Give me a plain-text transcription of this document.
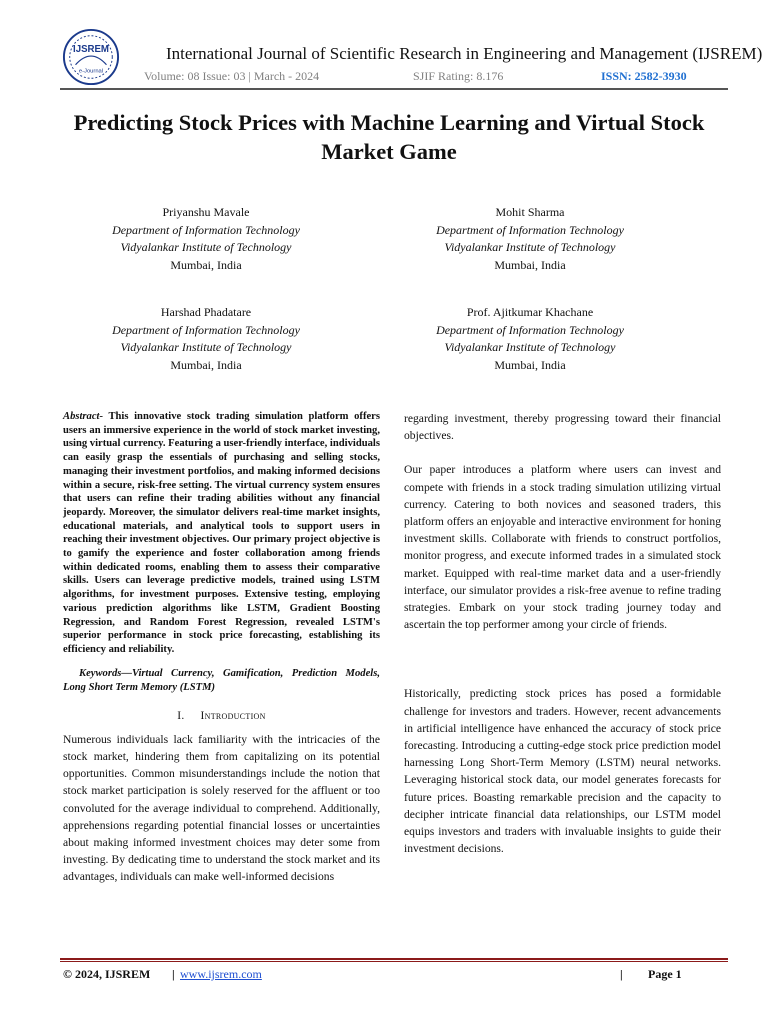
IJSREM
e-Journal
International Journal of Scientific Research in Engineering and Management (IJSREM)
Volume: 08 Issue: 03 | March - 2024	SJIF Rating: 8.176	ISSN: 2582-3930
Predicting Stock Prices with Machine Learning and Virtual Stock Market Game
Priyanshu Mavale
Department of Information Technology
Vidyalankar Institute of Technology
Mumbai, India
Mohit Sharma
Department of Information Technology
Vidyalankar Institute of Technology
Mumbai, India
Harshad Phadatare
Department of Information Technology
Vidyalankar Institute of Technology
Mumbai, India
Prof. Ajitkumar Khachane
Department of Information Technology
Vidyalankar Institute of Technology
Mumbai, India

Abstract- This innovative stock trading simulation platform offers users an immersive experience in the world of stock market investing, using virtual currency. Featuring a user-friendly interface, individuals can easily grasp the essentials of purchasing and selling stocks, managing their investment portfolios, and making informed decisions within a secure, risk-free setting. The virtual currency system ensures that users can refine their trading abilities without any financial jeopardy. Moreover, the simulator delivers real-time market insights, educational materials, and analytical tools to support users in reaching their investment objectives. Our primary project objective is to gamify the experience and foster collaboration among friends within dedicated rooms, enabling them to assess their comparative skills. Users can leverage predictive models, trained using LSTM algorithms, for investment purposes. Extensive testing, employing various prediction algorithms like LSTM, Gradient Boosting Regression, and Random Forest Regression, revealed LSTM's superior performance in stock price forecasting, establishing its efficiency and reliability.

Keywords—Virtual Currency, Gamification, Prediction Models, Long Short Term Memory (LSTM)

I. Introduction

Numerous individuals lack familiarity with the intricacies of the stock market, hindering them from capitalizing on its potential opportunities. Common misunderstandings include the notion that stock market participation is solely reserved for the affluent or too convoluted for the average individual to comprehend. Additionally, apprehensions regarding potential financial losses or uncertainties about making informed investment choices may deter some from investing. By dedicating time to understand the stock market and its advantages, individuals can make well-informed decisions

regarding investment, thereby progressing toward their financial objectives.

Our paper introduces a platform where users can invest and compete with friends in a stock trading simulation utilizing virtual currency. Catering to both novices and seasoned traders, this platform offers an enjoyable and interactive environment for honing investment skills. Collaborate with friends to construct portfolios, monitor progress, and execute informed trades in a simulated stock market. Equipped with real-time market data and a user-friendly interface, our simulator provides a risk-free avenue to refine trading strategies. Embark on your stock trading journey today and ascertain the top performer among your circle of friends.

Historically, predicting stock prices has posed a formidable challenge for investors and traders. However, recent advancements in artificial intelligence have enhanced the accuracy of stock price forecasting. Introducing a cutting-edge stock price prediction model harnessing Long Short-Term Memory (LSTM) neural networks. Leveraging historical stock data, our model generates forecasts for future prices. Boasting remarkable precision and the capacity to decipher intricate financial data relationships, our LSTM model equips investors and traders with invaluable insights to guide their investment decisions.

© 2024, IJSREM | www.ijsrem.com	| Page 1
